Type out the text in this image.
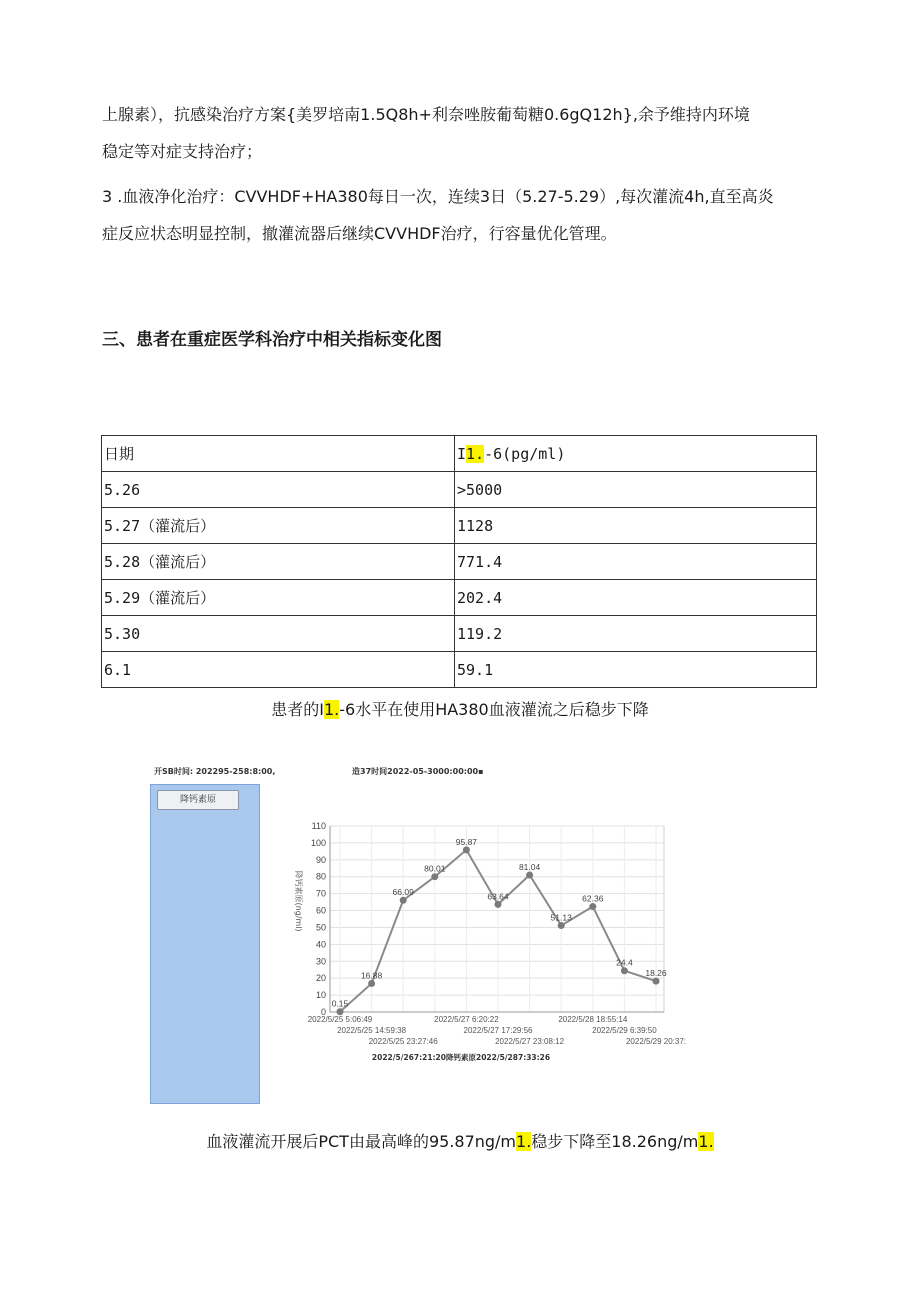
上腺素），抗感染治疗方案{美罗培南1.5Q8h+利奈唑胺葡萄糖0.6gQ12h},余予维持内环境
稳定等对症支持治疗；
3 .血液净化治疗：CVVHDF+HA380每日一次，连续3日（5.27-5.29）,每次灌流4h,直至高炎
症反应状态明显控制，撤灌流器后继续CVVHDF治疗，行容量优化管理。
三、患者在重症医学科治疗中相关指标变化图
日期	I1.-6(pg/ml)
5.26	>5000
5.27（灌流后）	1128
5.28（灌流后）	771.4
5.29（灌流后）	202.4
5.30	119.2
6.1	59.1
患者的I1.-6水平在使用HA380血液灌流之后稳步下降
开SB时间: 202295-258:8:00,	造37时间2022-05-3000:00:00▪
降钙素原
0
10
20
30
40
50
60
70
80
90
100
110
降钙素原(ng/ml)
0.15
16.88
66.09
80.01
95.87
63.64
81.04
51.13
62.36
24.4
18.26
2022/5/25 5:06:49
2022/5/25 14:59:38
2022/5/25 23:27:46
2022/5/27 6:20:22
2022/5/27 17:29:56
2022/5/27 23:08:12
2022/5/28 18:55:14
2022/5/29 6:39:50
2022/5/29 20:37:
2022/5/267:21:20降钙素原2022/5/287:33:26
血液灌流开展后PCT由最高峰的95.87ng/m1.稳步下降至18.26ng/m1.
